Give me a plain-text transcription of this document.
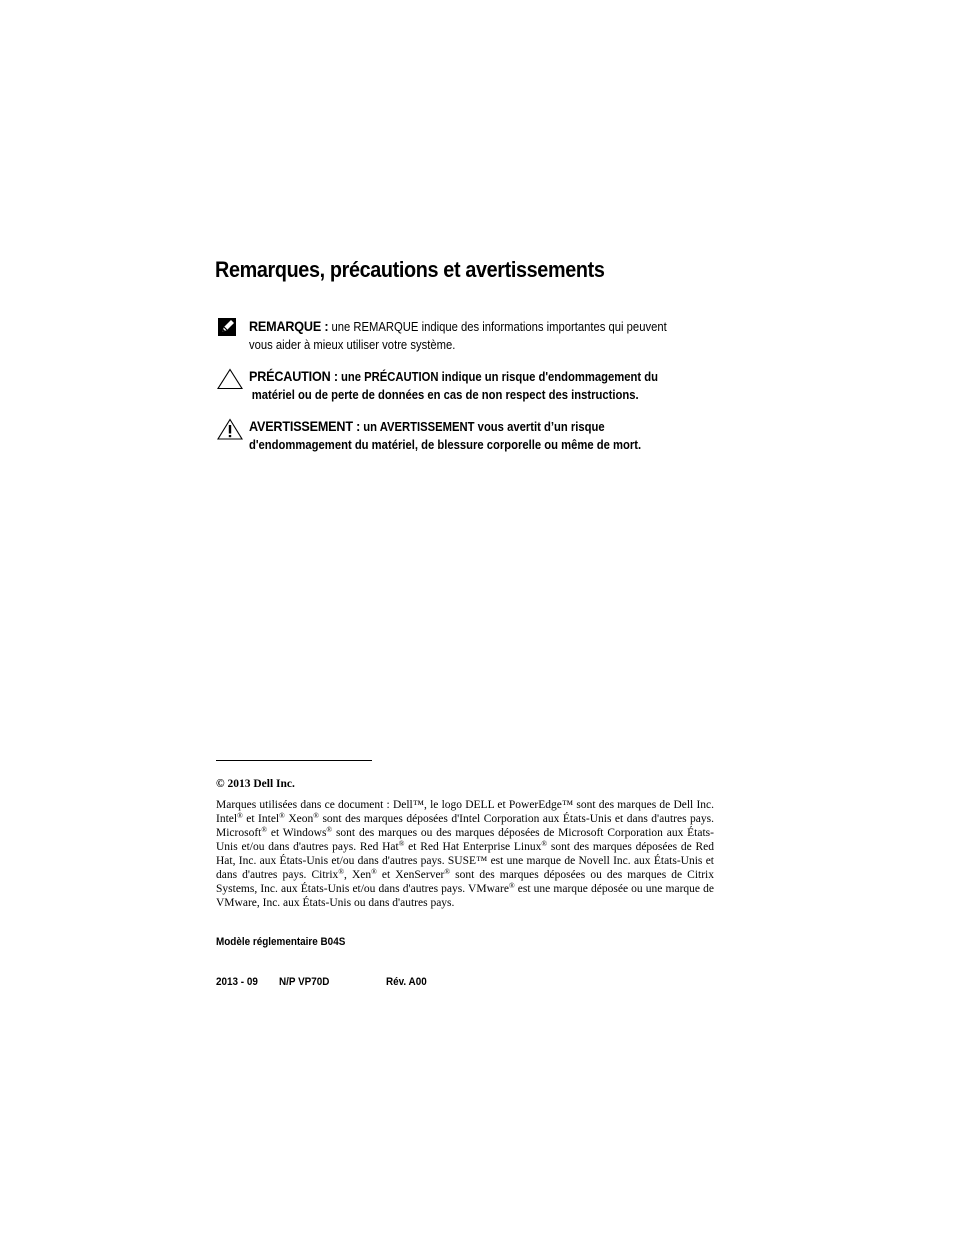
Remarques, précautions et avertissements
REMARQUE : une REMARQUE indique des informations importantes qui peuvent
vous aider à mieux utiliser votre système.
PRÉCAUTION : une PRÉCAUTION indique un risque d'endommagement du
matériel ou de perte de données en cas de non respect des instructions.
AVERTISSEMENT : un AVERTISSEMENT vous avertit d’un risque
d'endommagement du matériel, de blessure corporelle ou même de mort.
© 2013 Dell Inc.

Marques utilisées dans ce document : Dell™, le logo DELL et PowerEdge™ sont des marques de Dell Inc. Intel® et Intel® Xeon® sont des marques déposées d'Intel Corporation aux États-Unis et dans d'autres pays. Microsoft® et Windows® sont des marques ou des marques déposées de Microsoft Corporation aux États-Unis et/ou dans d'autres pays. Red Hat® et Red Hat Enterprise Linux® sont des marques déposées de Red Hat, Inc. aux États-Unis et/ou dans d'autres pays. SUSE™ est une marque de Novell Inc. aux États-Unis et dans d'autres pays. Citrix®, Xen® et XenServer® sont des marques déposées ou des marques de Citrix Systems, Inc. aux États-Unis et/ou dans d'autres pays. VMware® est une marque déposée ou une marque de VMware, Inc. aux États-Unis ou dans d'autres pays.

Modèle réglementaire B04S
2013 - 09 N/P VP70D	Rév. A00
